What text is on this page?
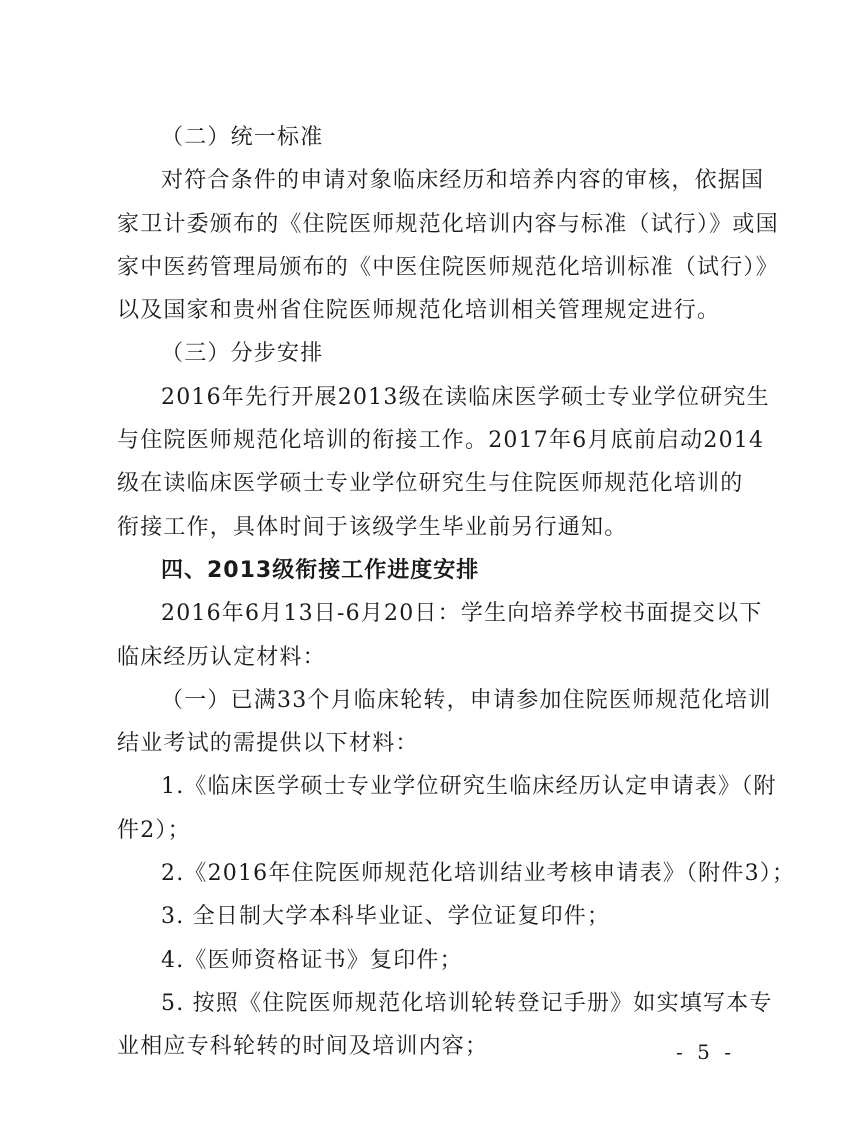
（二）统一标准
对符合条件的申请对象临床经历和培养内容的审核，依据国
家卫计委颁布的《住院医师规范化培训内容与标准（试行）》或国
家中医药管理局颁布的《中医住院医师规范化培训标准（试行）》
以及国家和贵州省住院医师规范化培训相关管理规定进行。
（三）分步安排
2016年先行开展2013级在读临床医学硕士专业学位研究生
与住院医师规范化培训的衔接工作。2017年6月底前启动2014
级在读临床医学硕士专业学位研究生与住院医师规范化培训的
衔接工作，具体时间于该级学生毕业前另行通知。
四、2013级衔接工作进度安排
2016年6月13日-6月20日：学生向培养学校书面提交以下
临床经历认定材料：
（一）已满33个月临床轮转，申请参加住院医师规范化培训
结业考试的需提供以下材料：
1.《临床医学硕士专业学位研究生临床经历认定申请表》（附
件2）；
2.《2016年住院医师规范化培训结业考核申请表》（附件3）；
3. 全日制大学本科毕业证、学位证复印件；
4.《医师资格证书》复印件；
5. 按照《住院医师规范化培训轮转登记手册》如实填写本专
业相应专科轮转的时间及培训内容；	- 5 -
